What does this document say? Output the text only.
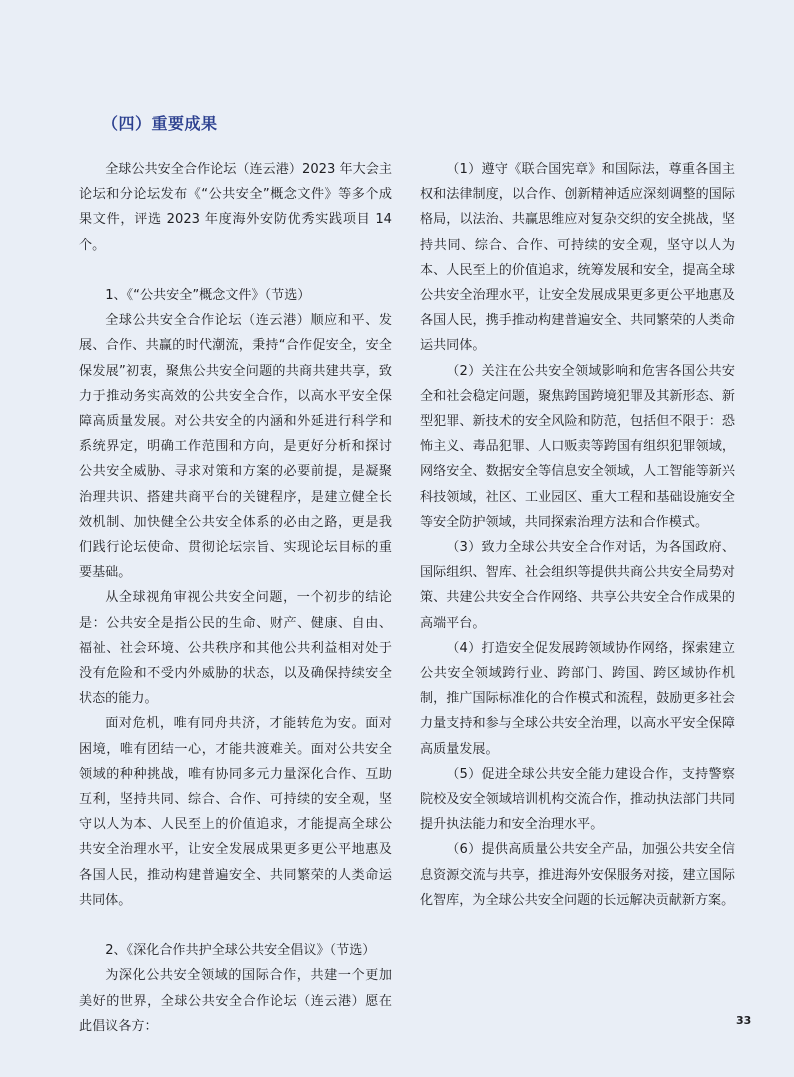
（四）重要成果

全球公共安全合作论坛（连云港）2023 年大会主论坛和分论坛发布《“公共安全”概念文件》等多个成果文件，评选 2023 年度海外安防优秀实践项目 14 个。

1、《“公共安全”概念文件》（节选）

全球公共安全合作论坛（连云港）顺应和平、发展、合作、共赢的时代潮流，秉持“合作促安全，安全保发展”初衷，聚焦公共安全问题的共商共建共享，致力于推动务实高效的公共安全合作，以高水平安全保障高质量发展。对公共安全的内涵和外延进行科学和系统界定，明确工作范围和方向，是更好分析和探讨公共安全威胁、寻求对策和方案的必要前提，是凝聚治理共识、搭建共商平台的关键程序，是建立健全长效机制、加快健全公共安全体系的必由之路，更是我们践行论坛使命、贯彻论坛宗旨、实现论坛目标的重要基础。

从全球视角审视公共安全问题，一个初步的结论是：公共安全是指公民的生命、财产、健康、自由、福祉、社会环境、公共秩序和其他公共利益相对处于没有危险和不受内外威胁的状态，以及确保持续安全状态的能力。

面对危机，唯有同舟共济，才能转危为安。面对困境，唯有团结一心，才能共渡难关。面对公共安全领域的种种挑战，唯有协同多元力量深化合作、互助互利，坚持共同、综合、合作、可持续的安全观，坚守以人为本、人民至上的价值追求，才能提高全球公共安全治理水平，让安全发展成果更多更公平地惠及各国人民，推动构建普遍安全、共同繁荣的人类命运共同体。

2、《深化合作共护全球公共安全倡议》（节选）

为深化公共安全领域的国际合作，共建一个更加美好的世界，全球公共安全合作论坛（连云港）愿在此倡议各方：

（1）遵守《联合国宪章》和国际法，尊重各国主权和法律制度，以合作、创新精神适应深刻调整的国际格局，以法治、共赢思维应对复杂交织的安全挑战，坚持共同、综合、合作、可持续的安全观，坚守以人为本、人民至上的价值追求，统筹发展和安全，提高全球公共安全治理水平，让安全发展成果更多更公平地惠及各国人民，携手推动构建普遍安全、共同繁荣的人类命运共同体。

（2）关注在公共安全领域影响和危害各国公共安全和社会稳定问题，聚焦跨国跨境犯罪及其新形态、新型犯罪、新技术的安全风险和防范，包括但不限于：恐怖主义、毒品犯罪、人口贩卖等跨国有组织犯罪领域，网络安全、数据安全等信息安全领域，人工智能等新兴科技领域，社区、工业园区、重大工程和基础设施安全等安全防护领域，共同探索治理方法和合作模式。

（3）致力全球公共安全合作对话，为各国政府、国际组织、智库、社会组织等提供共商公共安全局势对策、共建公共安全合作网络、共享公共安全合作成果的高端平台。

（4）打造安全促发展跨领域协作网络，探索建立公共安全领域跨行业、跨部门、跨国、跨区域协作机制，推广国际标准化的合作模式和流程，鼓励更多社会力量支持和参与全球公共安全治理，以高水平安全保障高质量发展。

（5）促进全球公共安全能力建设合作，支持警察院校及安全领域培训机构交流合作，推动执法部门共同提升执法能力和安全治理水平。

（6）提供高质量公共安全产品，加强公共安全信息资源交流与共享，推进海外安保服务对接，建立国际化智库，为全球公共安全问题的长远解决贡献新方案。

33
